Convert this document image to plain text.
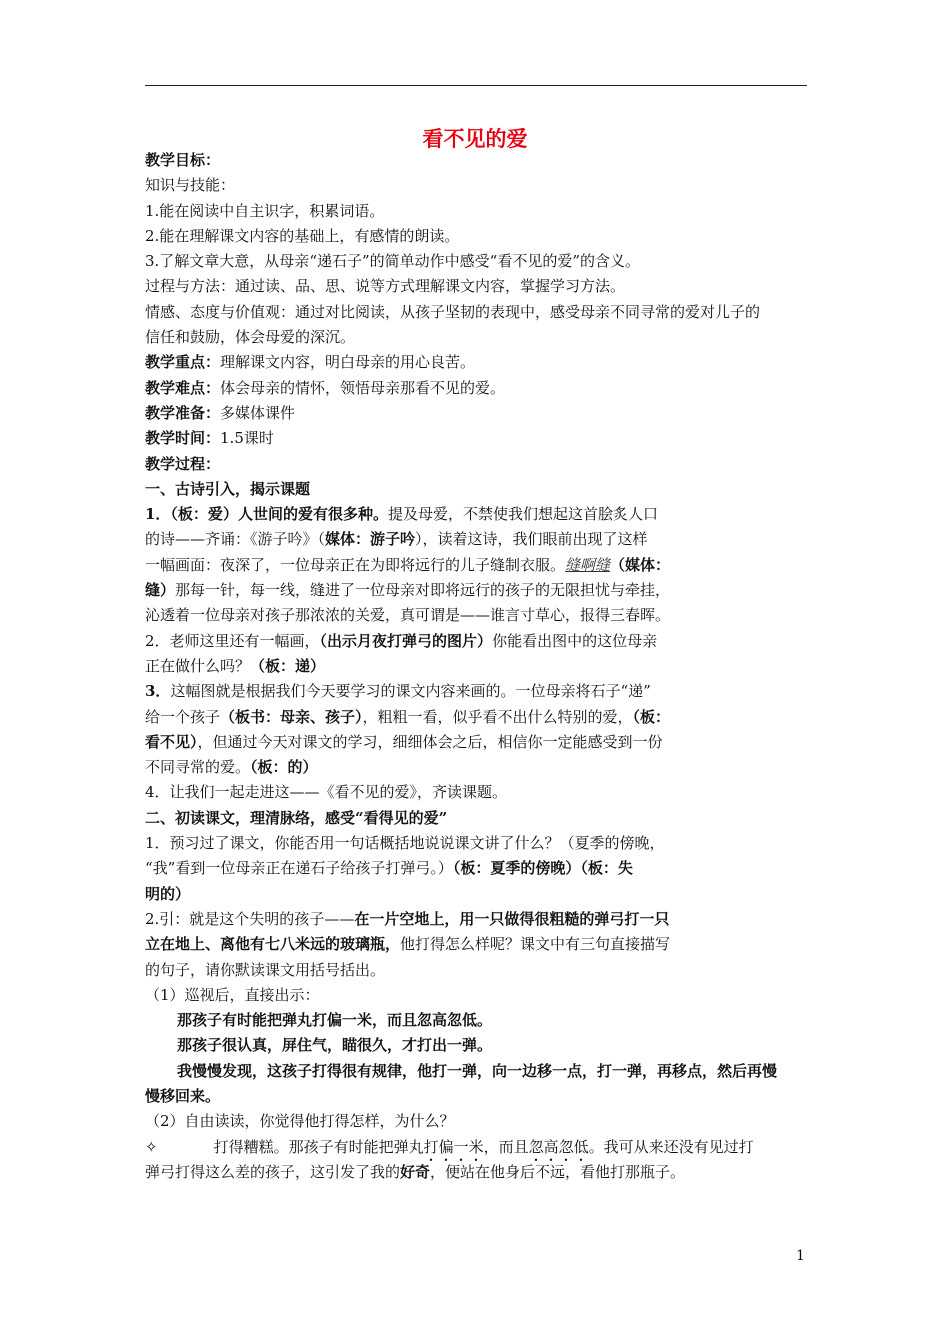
看不见的爱
教学目标：
知识与技能：
1.能在阅读中自主识字，积累词语。
2.能在理解课文内容的基础上，有感情的朗读。
3.了解文章大意，从母亲“递石子”的简单动作中感受“看不见的爱”的含义。
过程与方法：通过读、品、思、说等方式理解课文内容，掌握学习方法。
情感、态度与价值观：通过对比阅读，从孩子坚韧的表现中，感受母亲不同寻常的爱对儿子的
信任和鼓励，体会母爱的深沉。
教学重点：理解课文内容，明白母亲的用心良苦。
教学难点：体会母亲的情怀，领悟母亲那看不见的爱。
教学准备：多媒体课件
教学时间：1.5课时
教学过程：
一、古诗引入，揭示课题
1．（板：爱）人世间的爱有很多种。提及母爱，不禁使我们想起这首脍炙人口
的诗——齐诵：《游子吟》（媒体：游子吟），读着这诗，我们眼前出现了这样
一幅画面：夜深了，一位母亲正在为即将远行的儿子缝制衣服。缝啊缝（媒体：
缝）那每一针，每一线，缝进了一位母亲对即将远行的孩子的无限担忧与牵挂，
沁透着一位母亲对孩子那浓浓的关爱，真可谓是——谁言寸草心，报得三春晖。
2．老师这里还有一幅画，（出示月夜打弹弓的图片）你能看出图中的这位母亲
正在做什么吗？（板：递）
3．这幅图就是根据我们今天要学习的课文内容来画的。一位母亲将石子“递”
给一个孩子（板书：母亲、孩子），粗粗一看，似乎看不出什么特别的爱，（板：
看不见），但通过今天对课文的学习，细细体会之后，相信你一定能感受到一份
不同寻常的爱。（板：的）
4．让我们一起走进这——《看不见的爱》，齐读课题。
二、初读课文，理清脉络，感受“看得见的爱”
1．预习过了课文，你能否用一句话概括地说说课文讲了什么？（夏季的傍晚，
“我”看到一位母亲正在递石子给孩子打弹弓。）（板：夏季的傍晚）（板：失
明的）
2.引：就是这个失明的孩子——在一片空地上，用一只做得很粗糙的弹弓打一只
立在地上、离他有七八米远的玻璃瓶，他打得怎么样呢？课文中有三句直接描写
的句子，请你默读课文用括号括出。
（1）巡视后，直接出示：
那孩子有时能把弹丸打偏一米，而且忽高忽低。
那孩子很认真，屏住气，瞄很久，才打出一弹。
我慢慢发现，这孩子打得很有规律，他打一弹，向一边移一点，打一弹，再移点，然后再慢
慢移回来。
（2）自由读读，你觉得他打得怎样，为什么？
✧	打得糟糕。那孩子有时能把弹丸打偏一米，而且忽高忽低。我可从来还没有见过打
弹弓打得这么差的孩子，这引发了我的好奇，便站在他身后不远，看他打那瓶子。
1
